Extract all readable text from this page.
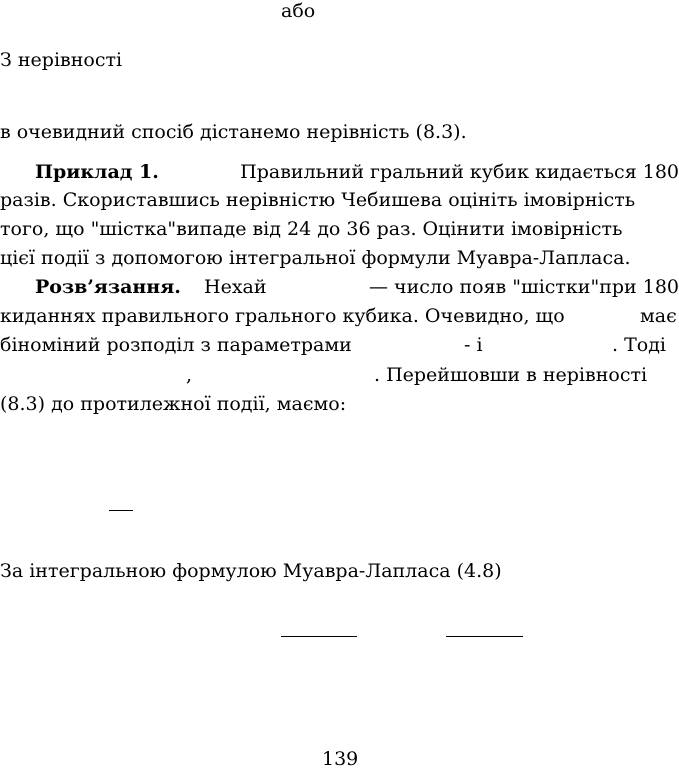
або
З нерівності
в очевидний спосіб дістанемо нерівність (8.3).
Приклад 1.	Правильний гральний кубик кидається 180
разів. Скориставшись нерівністю Чебишева оцініть імовірність
того, що "шістка"випаде від 24 до 36 раз. Оцінити імовірність
цієї події з допомогою інтегральної формули Муавра-Лапласа.
Розв’язання. Нехай	— число появ "шістки"при 180
киданнях правильного грального кубика. Очевидно, що	має
біноміний розподіл з параметрами	- і	. Тоді
,	. Перейшовши в нерівності
(8.3) до протилежної події, маємо:
За інтегральною формулою Муавра-Лапласа (4.8)
139
